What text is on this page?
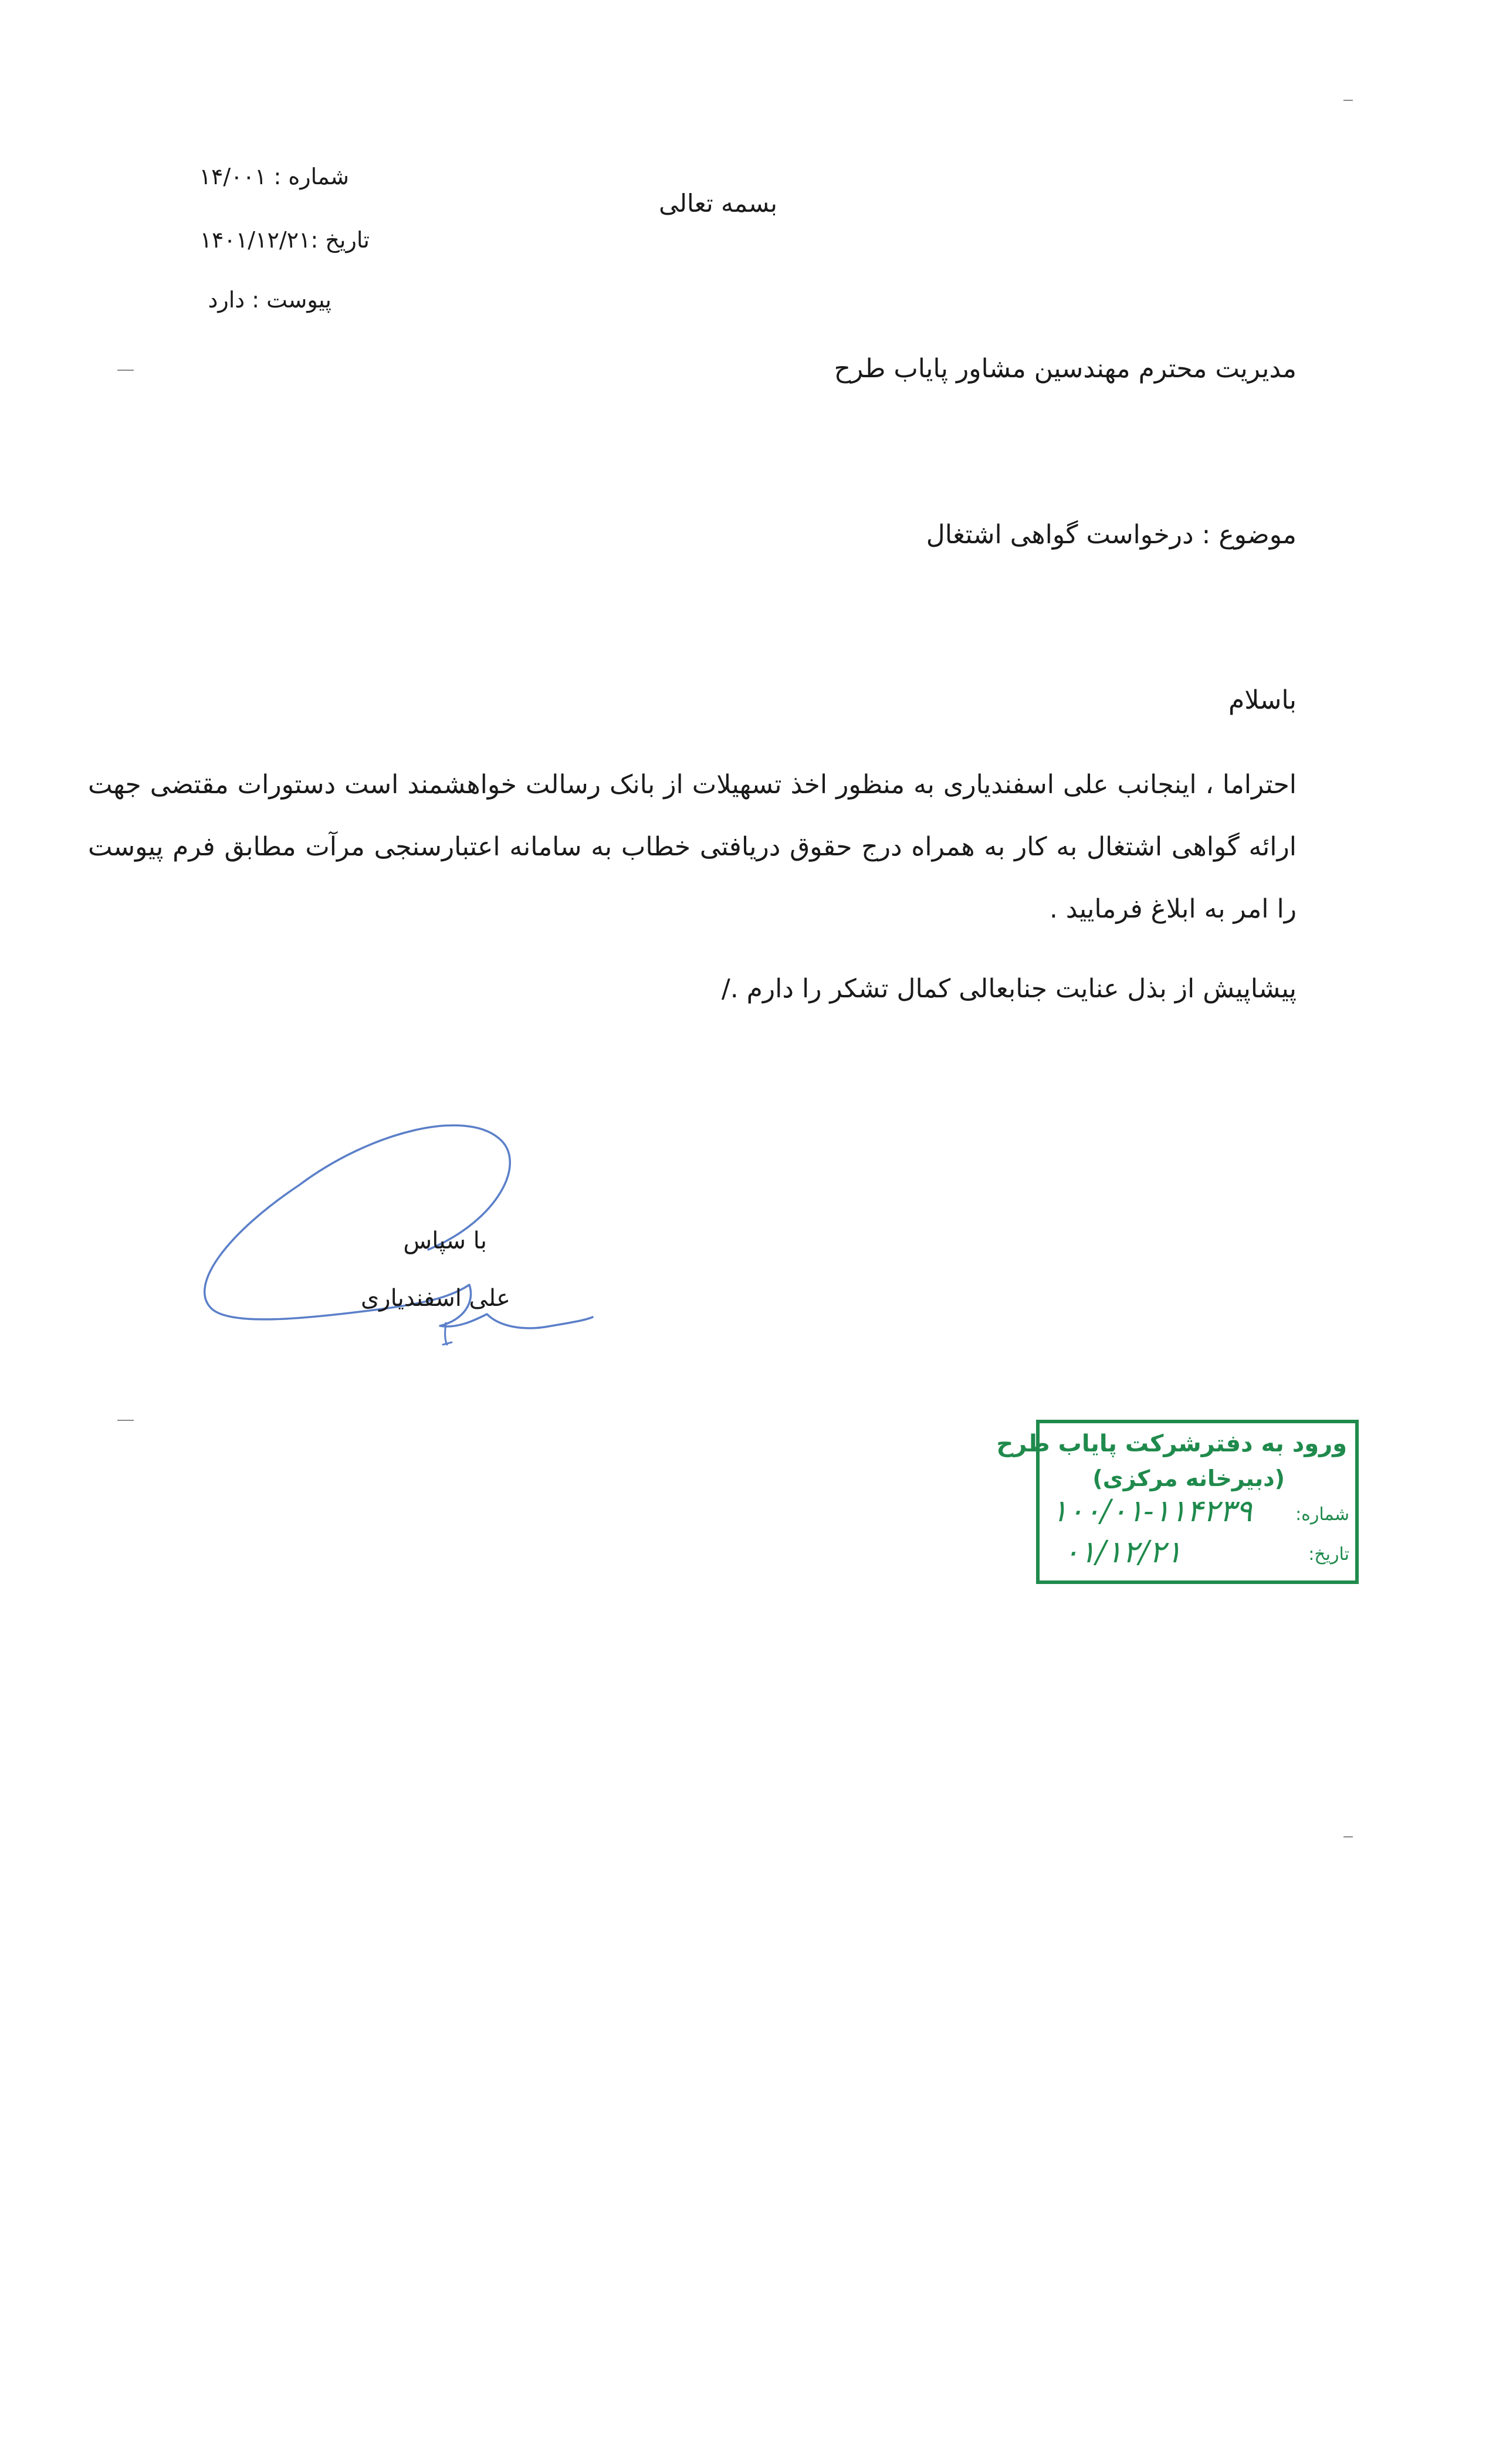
شماره : ۱۴/۰۰۱
تاریخ :۱۴۰۱/۱۲/۲۱
پیوست : دارد
بسمه تعالی
مدیریت محترم مهندسین مشاور پایاب طرح
موضوع : درخواست گواهی اشتغال
باسلام
احتراما ، اینجانب علی اسفندیاری به منظور اخذ تسهیلات از بانک رسالت خواهشمند است دستورات مقتضی جهت ارائه گواهی اشتغال به کار به همراه درج حقوق دریافتی خطاب به سامانه اعتبارسنجی مرآت مطابق فرم پیوست را امر به ابلاغ فرمایید .
پیشاپیش از بذل عنایت جنابعالی کمال تشکر را دارم ./
با سپاس
علی اسفندیاری
ورود به دفترشرکت پایاب طرح
(دبیرخانه مرکزی)
شماره:
تاریخ:
۱۰۰/۰۱-۱۱۴۲۳۹
۰۱/۱۲/۲۱
